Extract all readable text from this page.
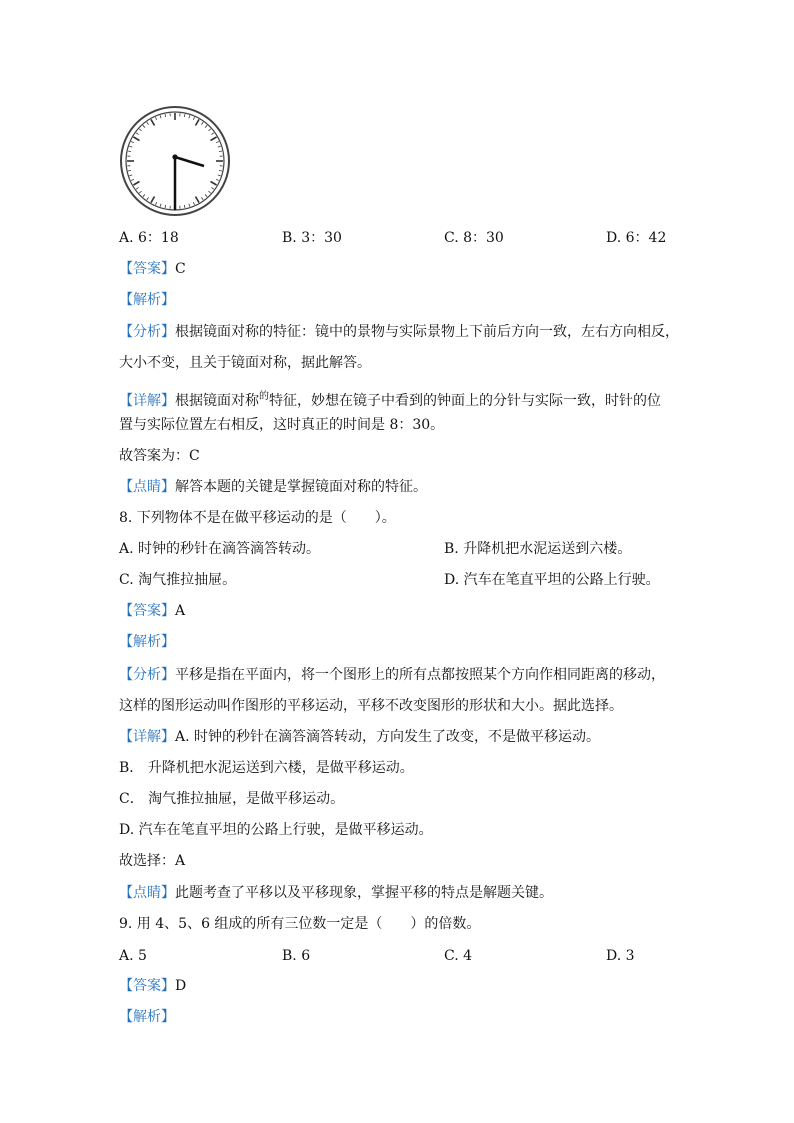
A. 6：18	B. 3：30	C. 8：30	D. 6：42
【答案】C
【解析】
【分析】根据镜面对称的特征：镜中的景物与实际景物上下前后方向一致，左右方向相反，
大小不变，且关于镜面对称，据此解答。
【详解】根据镜面对称$^的$特征，妙想在镜子中看到的钟面上的分针与实际一致，时针的位
置与实际位置左右相反，这时真正的时间是 8：30。
故答案为：C
【点睛】解答本题的关键是掌握镜面对称的特征。
8. 下列物体不是在做平移运动的是（　　）。
A. 时钟的秒针在滴答滴答转动。	B. 升降机把水泥运送到六楼。
C. 淘气推拉抽屉。	D. 汽车在笔直平坦的公路上行驶。
【答案】A
【解析】
【分析】平移是指在平面内，将一个图形上的所有点都按照某个方向作相同距离的移动，
这样的图形运动叫作图形的平移运动，平移不改变图形的形状和大小。据此选择。
【详解】A. 时钟的秒针在滴答滴答转动，方向发生了改变，不是做平移运动。
B． 升降机把水泥运送到六楼，是做平移运动。
C． 淘气推拉抽屉，是做平移运动。
D. 汽车在笔直平坦的公路上行驶，是做平移运动。
故选择：A
【点睛】此题考查了平移以及平移现象，掌握平移的特点是解题关键。
9. 用 4、5、6 组成的所有三位数一定是（　　）的倍数。
A. 5	B. 6	C. 4	D. 3
【答案】D
【解析】
